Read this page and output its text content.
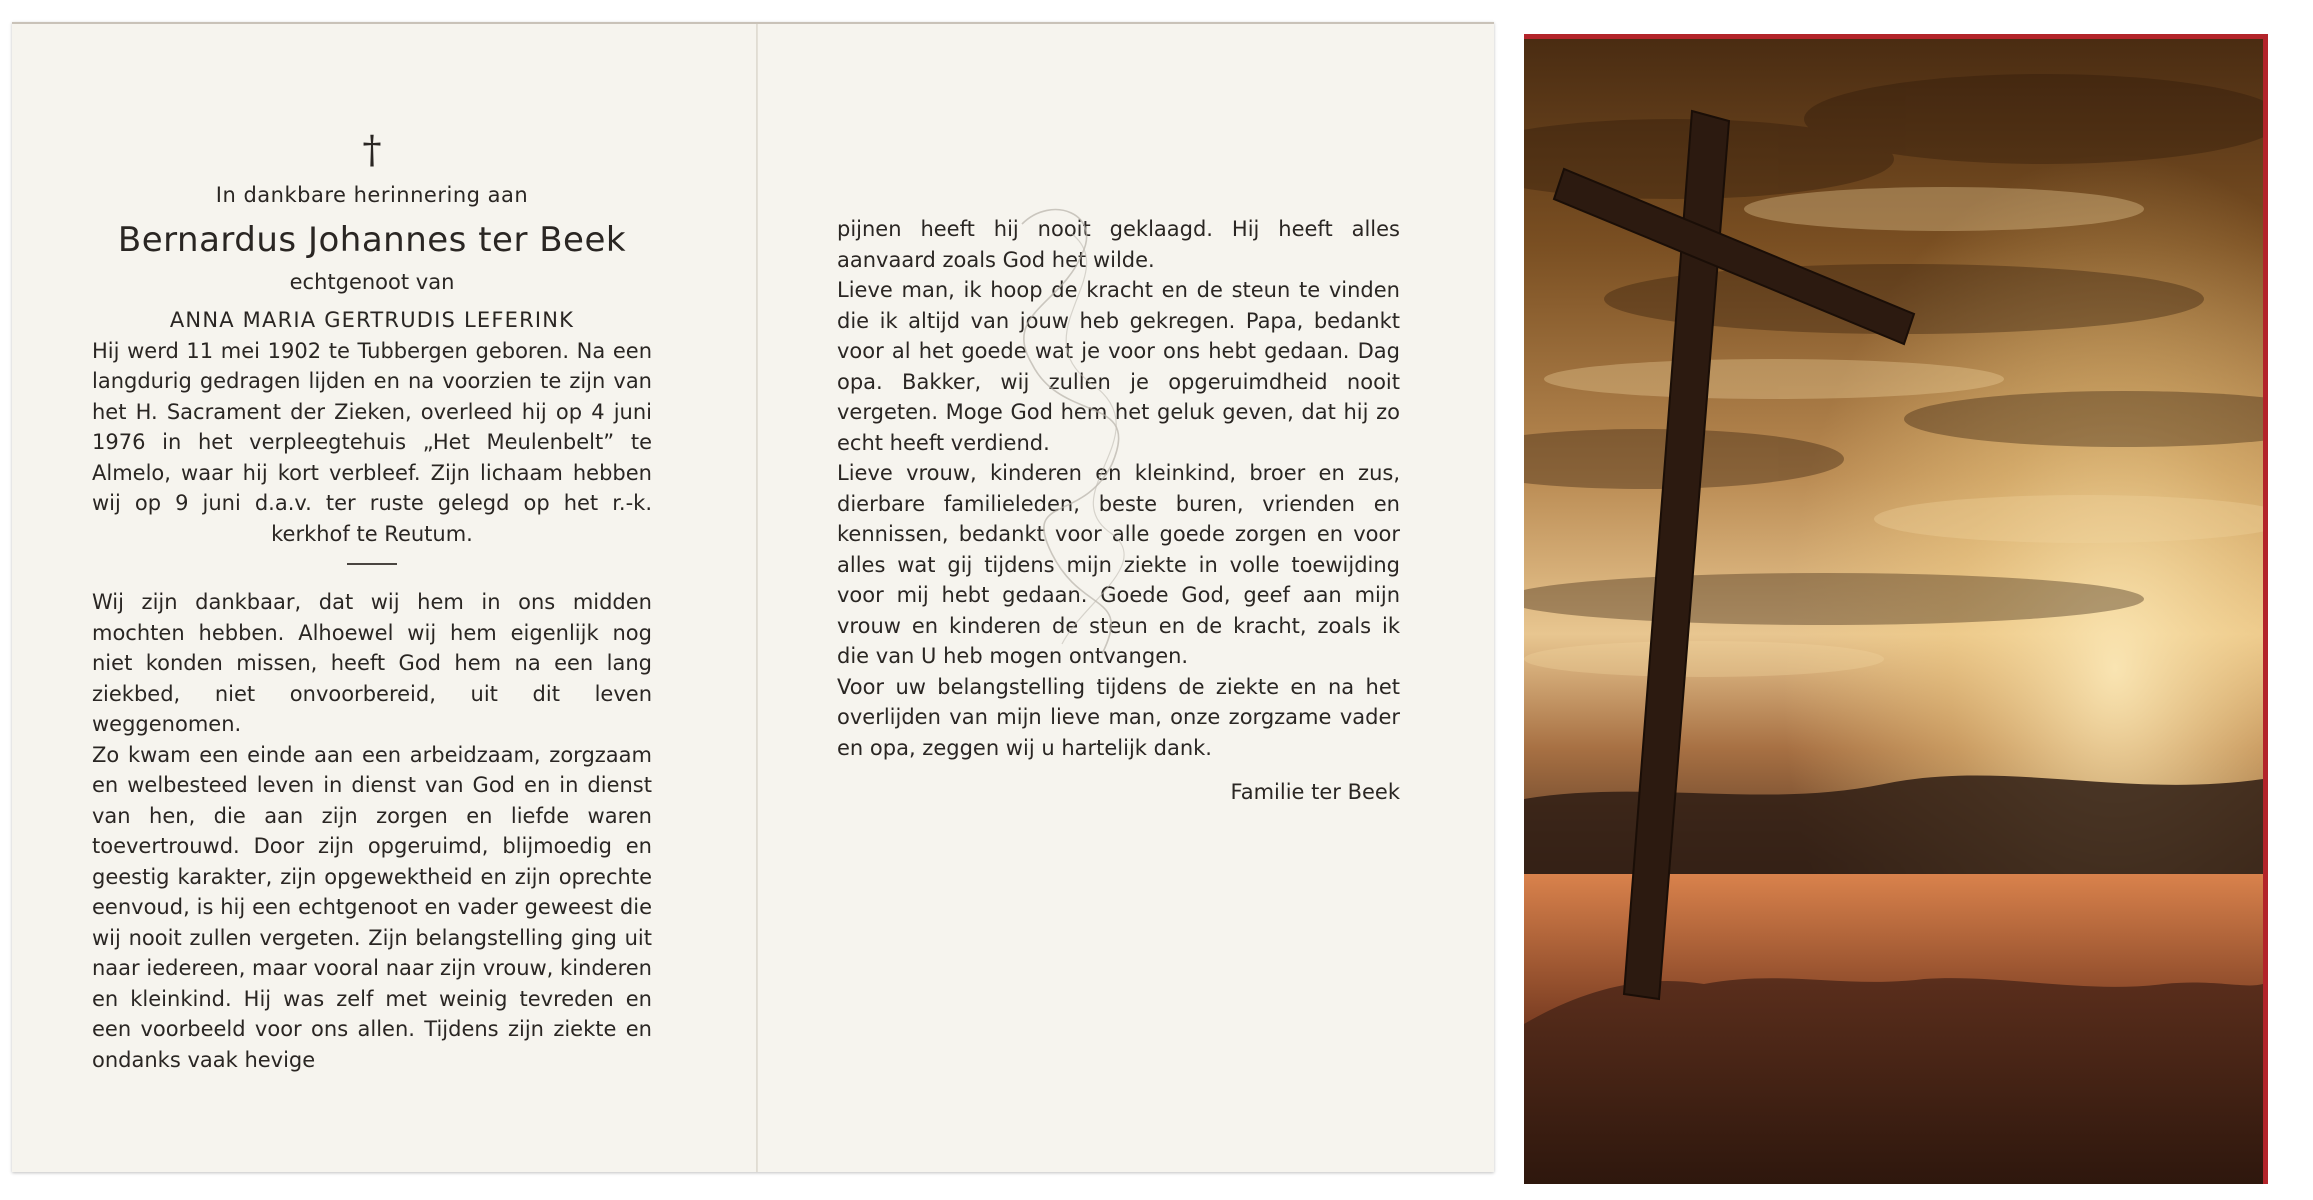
†
In dankbare herinnering aan
Bernardus Johannes ter Beek
echtgenoot van
ANNA MARIA GERTRUDIS LEFERINK
Hij werd 11 mei 1902 te Tubbergen geboren. Na een langdurig gedragen lijden en na voorzien te zijn van het H. Sacrament der Zieken, overleed hij op 4 juni 1976 in het verpleegtehuis „Het Meulenbelt” te Almelo, waar hij kort verbleef. Zijn lichaam hebben wij op 9 juni d.a.v. ter ruste gelegd op het r.-k. kerkhof te Reutum.
Wij zijn dankbaar, dat wij hem in ons midden mochten hebben. Alhoewel wij hem eigenlijk nog niet konden missen, heeft God hem na een lang ziekbed, niet onvoorbereid, uit dit leven weggenomen.
Zo kwam een einde aan een arbeidzaam, zorgzaam en welbesteed leven in dienst van God en in dienst van hen, die aan zijn zorgen en liefde waren toevertrouwd. Door zijn opgeruimd, blijmoedig en geestig karakter, zijn opgewektheid en zijn oprechte eenvoud, is hij een echtgenoot en vader geweest die wij nooit zullen vergeten. Zijn belangstelling ging uit naar iedereen, maar vooral naar zijn vrouw, kinderen en kleinkind. Hij was zelf met weinig tevreden en een voorbeeld voor ons allen. Tijdens zijn ziekte en ondanks vaak hevige
pijnen heeft hij nooit geklaagd. Hij heeft alles aanvaard zoals God het wilde.
Lieve man, ik hoop de kracht en de steun te vinden die ik altijd van jouw heb gekregen. Papa, bedankt voor al het goede wat je voor ons hebt gedaan. Dag opa. Bakker, wij zullen je opgeruimdheid nooit vergeten. Moge God hem het geluk geven, dat hij zo echt heeft verdiend.
Lieve vrouw, kinderen en kleinkind, broer en zus, dierbare familieleden, beste buren, vrienden en kennissen, bedankt voor alle goede zorgen en voor alles wat gij tijdens mijn ziekte in volle toewijding voor mij hebt gedaan. Goede God, geef aan mijn vrouw en kinderen de steun en de kracht, zoals ik die van U heb mogen ontvangen.
Voor uw belangstelling tijdens de ziekte en na het overlijden van mijn lieve man, onze zorgzame vader en opa, zeggen wij u hartelijk dank.
Familie ter Beek
